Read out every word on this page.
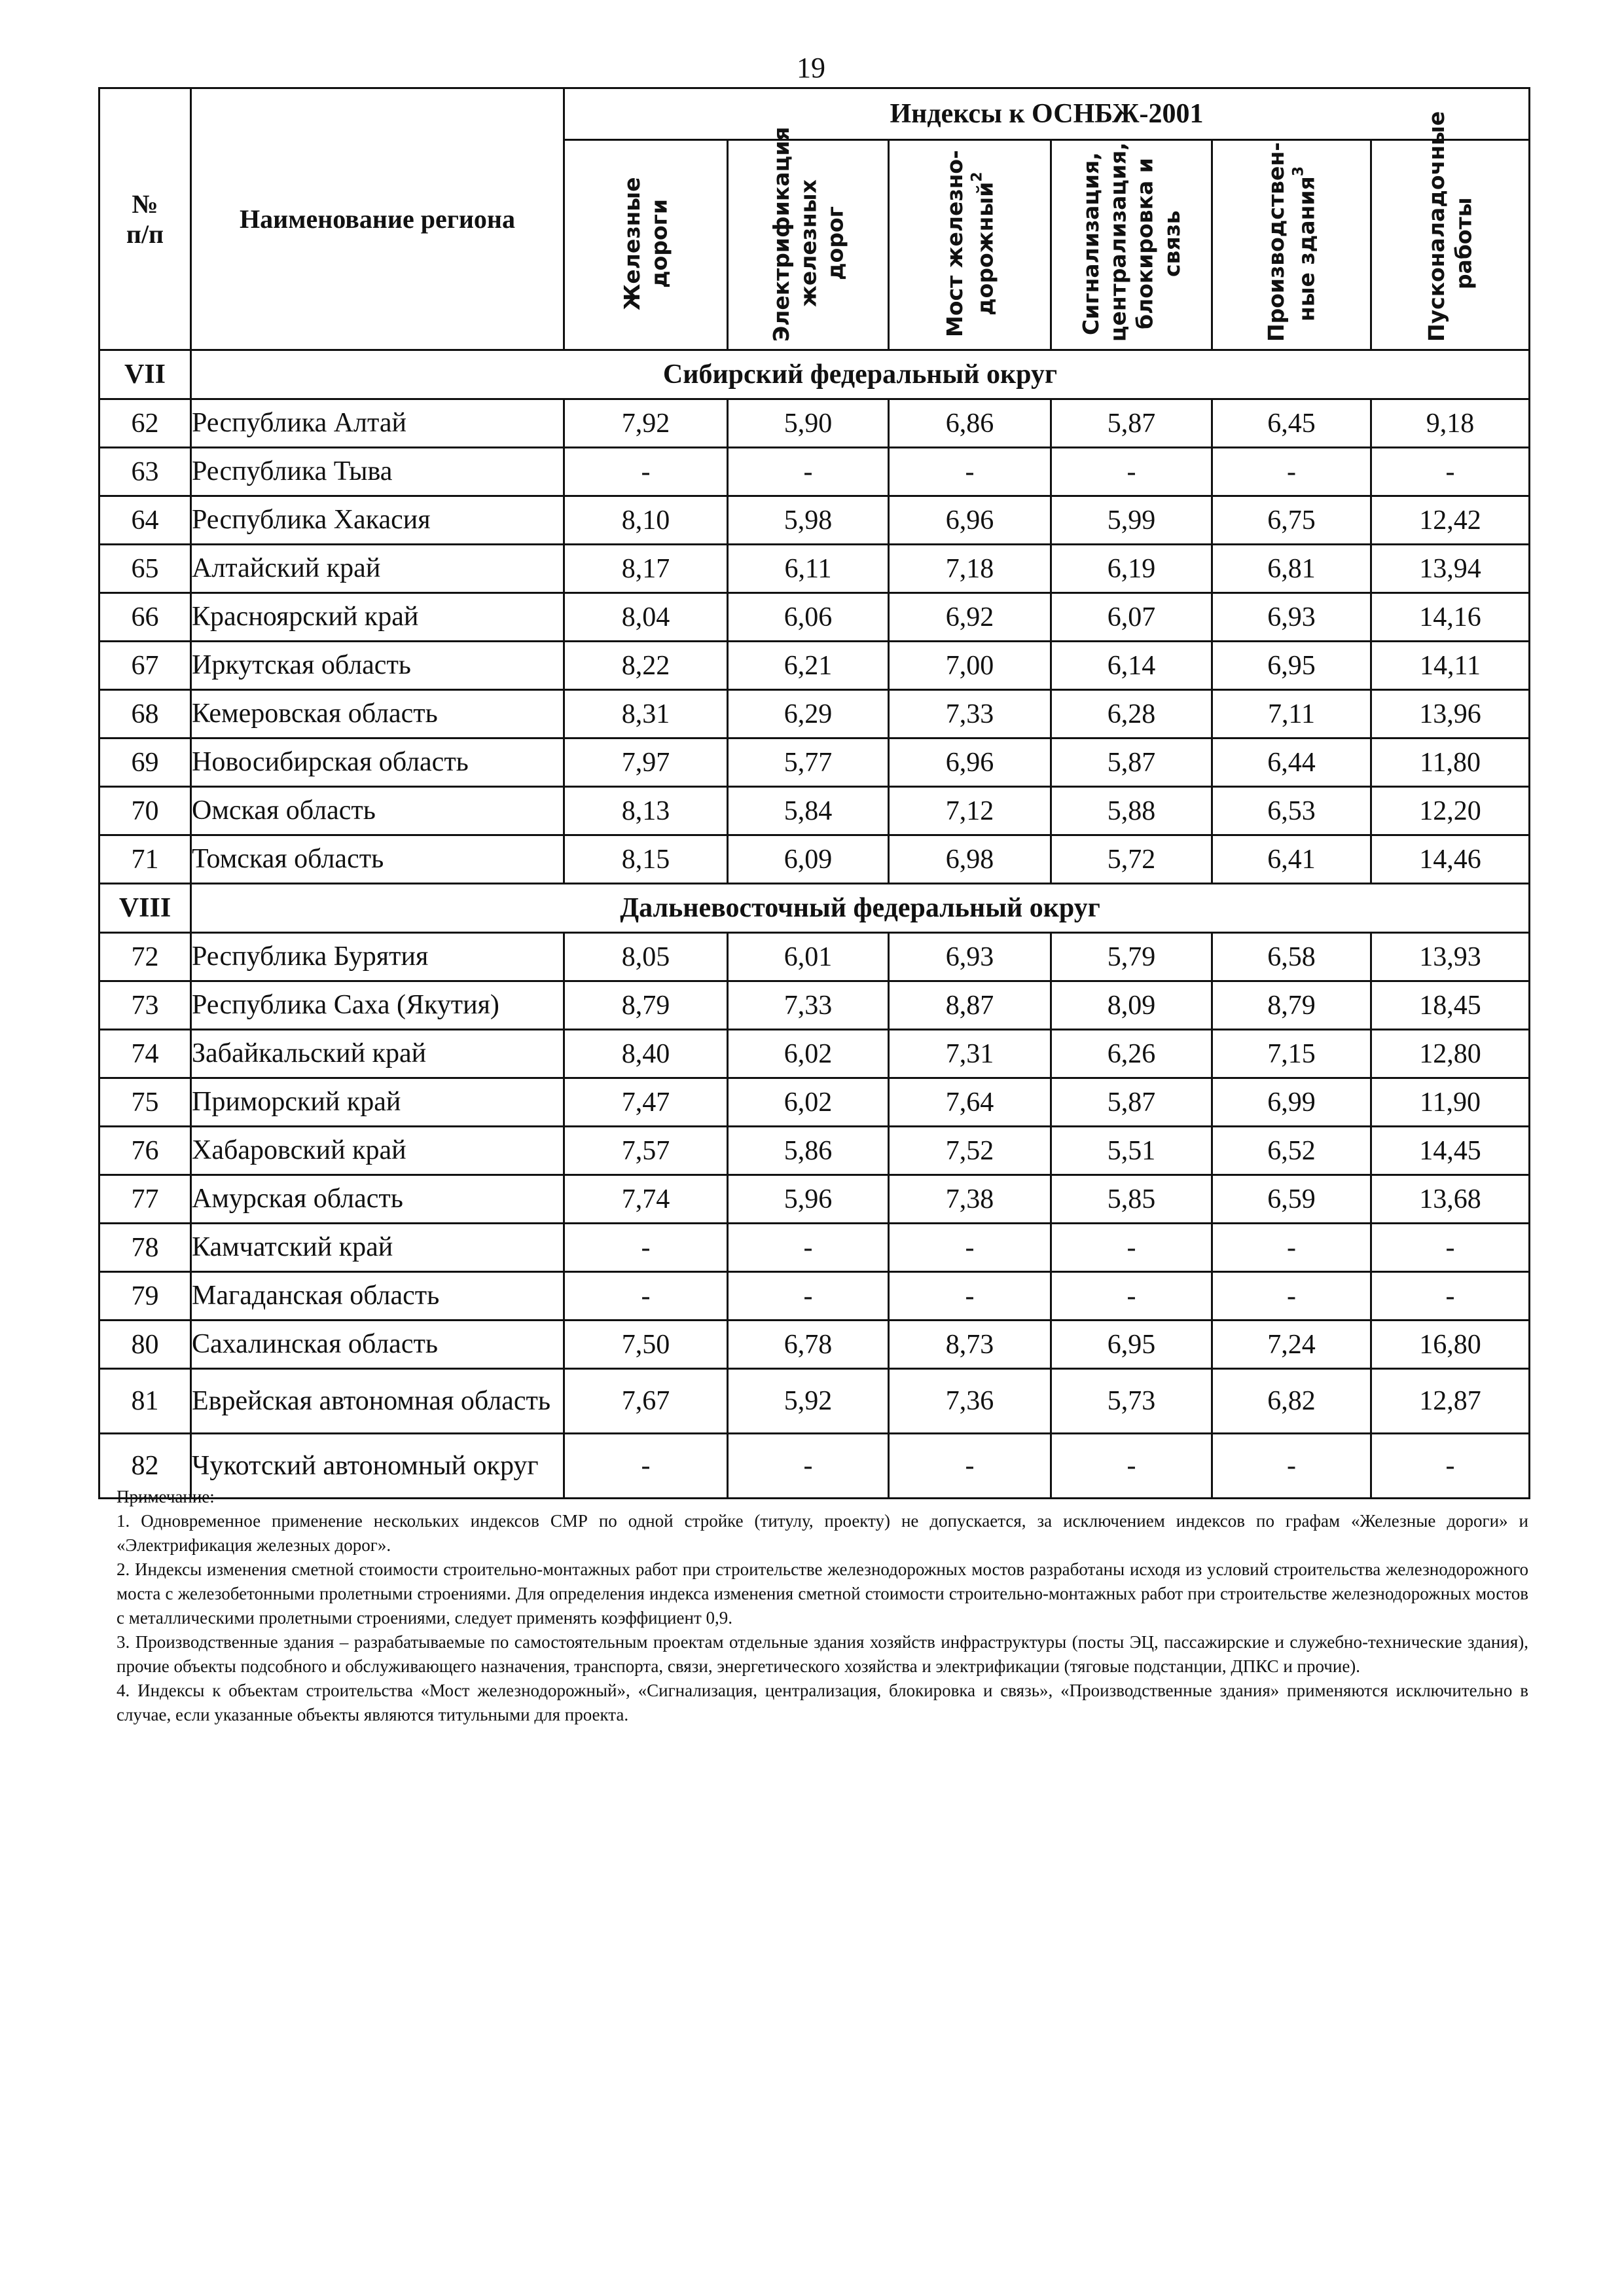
19
№
п/п	Наименование региона	Индексы к ОСНБЖ-2001					
		Железные дороги	Электрификация железных дорог	Мост железно-дорожный$^2$	Сигнализация, централизация, блокировка и связь	Производствен-ные здания$^3$	Пусконаладочные работы
VII	Сибирский федеральный округ						
62	Республика Алтай	7,92	5,90	6,86	5,87	6,45	9,18
63	Республика Тыва	-	-	-	-	-	-
64	Республика Хакасия	8,10	5,98	6,96	5,99	6,75	12,42
65	Алтайский край	8,17	6,11	7,18	6,19	6,81	13,94
66	Красноярский край	8,04	6,06	6,92	6,07	6,93	14,16
67	Иркутская область	8,22	6,21	7,00	6,14	6,95	14,11
68	Кемеровская область	8,31	6,29	7,33	6,28	7,11	13,96
69	Новосибирская область	7,97	5,77	6,96	5,87	6,44	11,80
70	Омская область	8,13	5,84	7,12	5,88	6,53	12,20
71	Томская область	8,15	6,09	6,98	5,72	6,41	14,46
VIII	Дальневосточный федеральный округ						
72	Республика Бурятия	8,05	6,01	6,93	5,79	6,58	13,93
73	Республика Саха (Якутия)	8,79	7,33	8,87	8,09	8,79	18,45
74	Забайкальский край	8,40	6,02	7,31	6,26	7,15	12,80
75	Приморский край	7,47	6,02	7,64	5,87	6,99	11,90
76	Хабаровский край	7,57	5,86	7,52	5,51	6,52	14,45
77	Амурская область	7,74	5,96	7,38	5,85	6,59	13,68
78	Камчатский край	-	-	-	-	-	-
79	Магаданская область	-	-	-	-	-	-
80	Сахалинская область	7,50	6,78	8,73	6,95	7,24	16,80
81	Еврейская автономная область	7,67	5,92	7,36	5,73	6,82	12,87
82	Чукотский автономный округ	-	-	-	-	-	-

Примечание:

1. Одновременное применение нескольких индексов СМР по одной стройке (титулу, проекту) не допускается, за исключением индексов по графам «Железные дороги» и «Электрификация железных дорог».

2. Индексы изменения сметной стоимости строительно-монтажных работ при строительстве железнодорожных мостов разработаны исходя из условий строительства железнодорожного моста с железобетонными пролетными строениями. Для определения индекса изменения сметной стоимости строительно-монтажных работ при строительстве железнодорожных мостов с металлическими пролетными строениями, следует применять коэффициент 0,9.

3. Производственные здания – разрабатываемые по самостоятельным проектам отдельные здания хозяйств инфраструктуры (посты ЭЦ, пассажирские и служебно-технические здания), прочие объекты подсобного и обслуживающего назначения, транспорта, связи, энергетического хозяйства и электрификации (тяговые подстанции, ДПКС и прочие).

4. Индексы к объектам строительства «Мост железнодорожный», «Сигнализация, централизация, блокировка и связь», «Производственные здания» применяются исключительно в случае, если указанные объекты являются титульными для проекта.
